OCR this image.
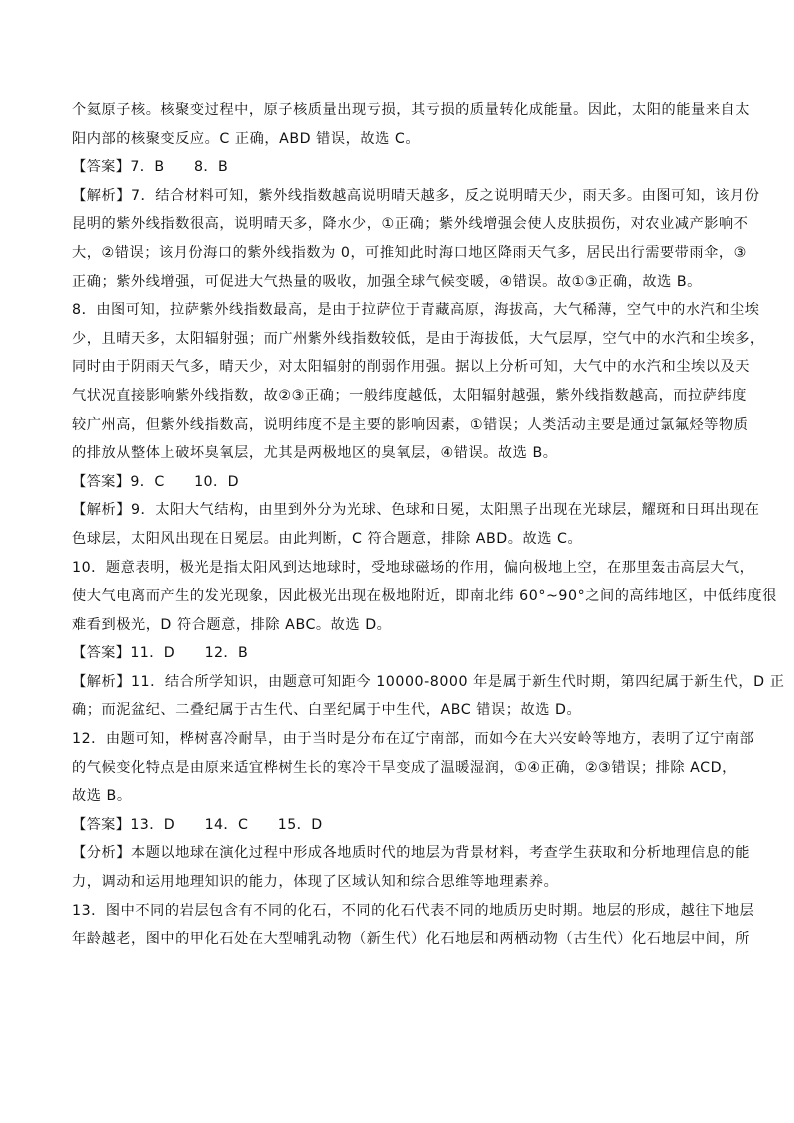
个氦原子核。核聚变过程中，原子核质量出现亏损，其亏损的质量转化成能量。因此，太阳的能量来自太
阳内部的核聚变反应。C 正确，ABD 错误，故选 C。
【答案】7．B      8．B
【解析】7．结合材料可知，紫外线指数越高说明晴天越多，反之说明晴天少，雨天多。由图可知，该月份
昆明的紫外线指数很高，说明晴天多，降水少，①正确；紫外线增强会使人皮肤损伤，对农业减产影响不
大，②错误；该月份海口的紫外线指数为 0，可推知此时海口地区降雨天气多，居民出行需要带雨伞，③
正确；紫外线增强，可促进大气热量的吸收，加强全球气候变暖，④错误。故①③正确，故选 B。
8．由图可知，拉萨紫外线指数最高，是由于拉萨位于青藏高原，海拔高，大气稀薄，空气中的水汽和尘埃
少，且晴天多，太阳辐射强；而广州紫外线指数较低，是由于海拔低，大气层厚，空气中的水汽和尘埃多，
同时由于阴雨天气多，晴天少，对太阳辐射的削弱作用强。据以上分析可知，大气中的水汽和尘埃以及天
气状况直接影响紫外线指数，故②③正确；一般纬度越低，太阳辐射越强，紫外线指数越高，而拉萨纬度
较广州高，但紫外线指数高，说明纬度不是主要的影响因素，①错误；人类活动主要是通过氯氟烃等物质
的排放从整体上破坏臭氧层，尤其是两极地区的臭氧层，④错误。故选 B。
【答案】9．C      10．D
【解析】9．太阳大气结构，由里到外分为光球、色球和日冕，太阳黑子出现在光球层，耀斑和日珥出现在
色球层，太阳风出现在日冕层。由此判断，C 符合题意，排除 ABD。故选 C。
10．题意表明，极光是指太阳风到达地球时，受地球磁场的作用，偏向极地上空，在那里轰击高层大气，
使大气电离而产生的发光现象，因此极光出现在极地附近，即南北纬 60°~90°之间的高纬地区，中低纬度很
难看到极光，D 符合题意，排除 ABC。故选 D。
【答案】11．D      12．B
【解析】11．结合所学知识，由题意可知距今 10000-8000 年是属于新生代时期，第四纪属于新生代，D 正
确；而泥盆纪、二叠纪属于古生代、白垩纪属于中生代，ABC 错误；故选 D。
12．由题可知，桦树喜冷耐旱，由于当时是分布在辽宁南部，而如今在大兴安岭等地方，表明了辽宁南部
的气候变化特点是由原来适宜桦树生长的寒冷干旱变成了温暖湿润，①④正确，②③错误；排除 ACD，
故选 B。
【答案】13．D      14．C      15．D
【分析】本题以地球在演化过程中形成各地质时代的地层为背景材料，考查学生获取和分析地理信息的能
力，调动和运用地理知识的能力，体现了区域认知和综合思维等地理素养。
13．图中不同的岩层包含有不同的化石，不同的化石代表不同的地质历史时期。地层的形成，越往下地层
年龄越老，图中的甲化石处在大型哺乳动物（新生代）化石地层和两栖动物（古生代）化石地层中间，所
